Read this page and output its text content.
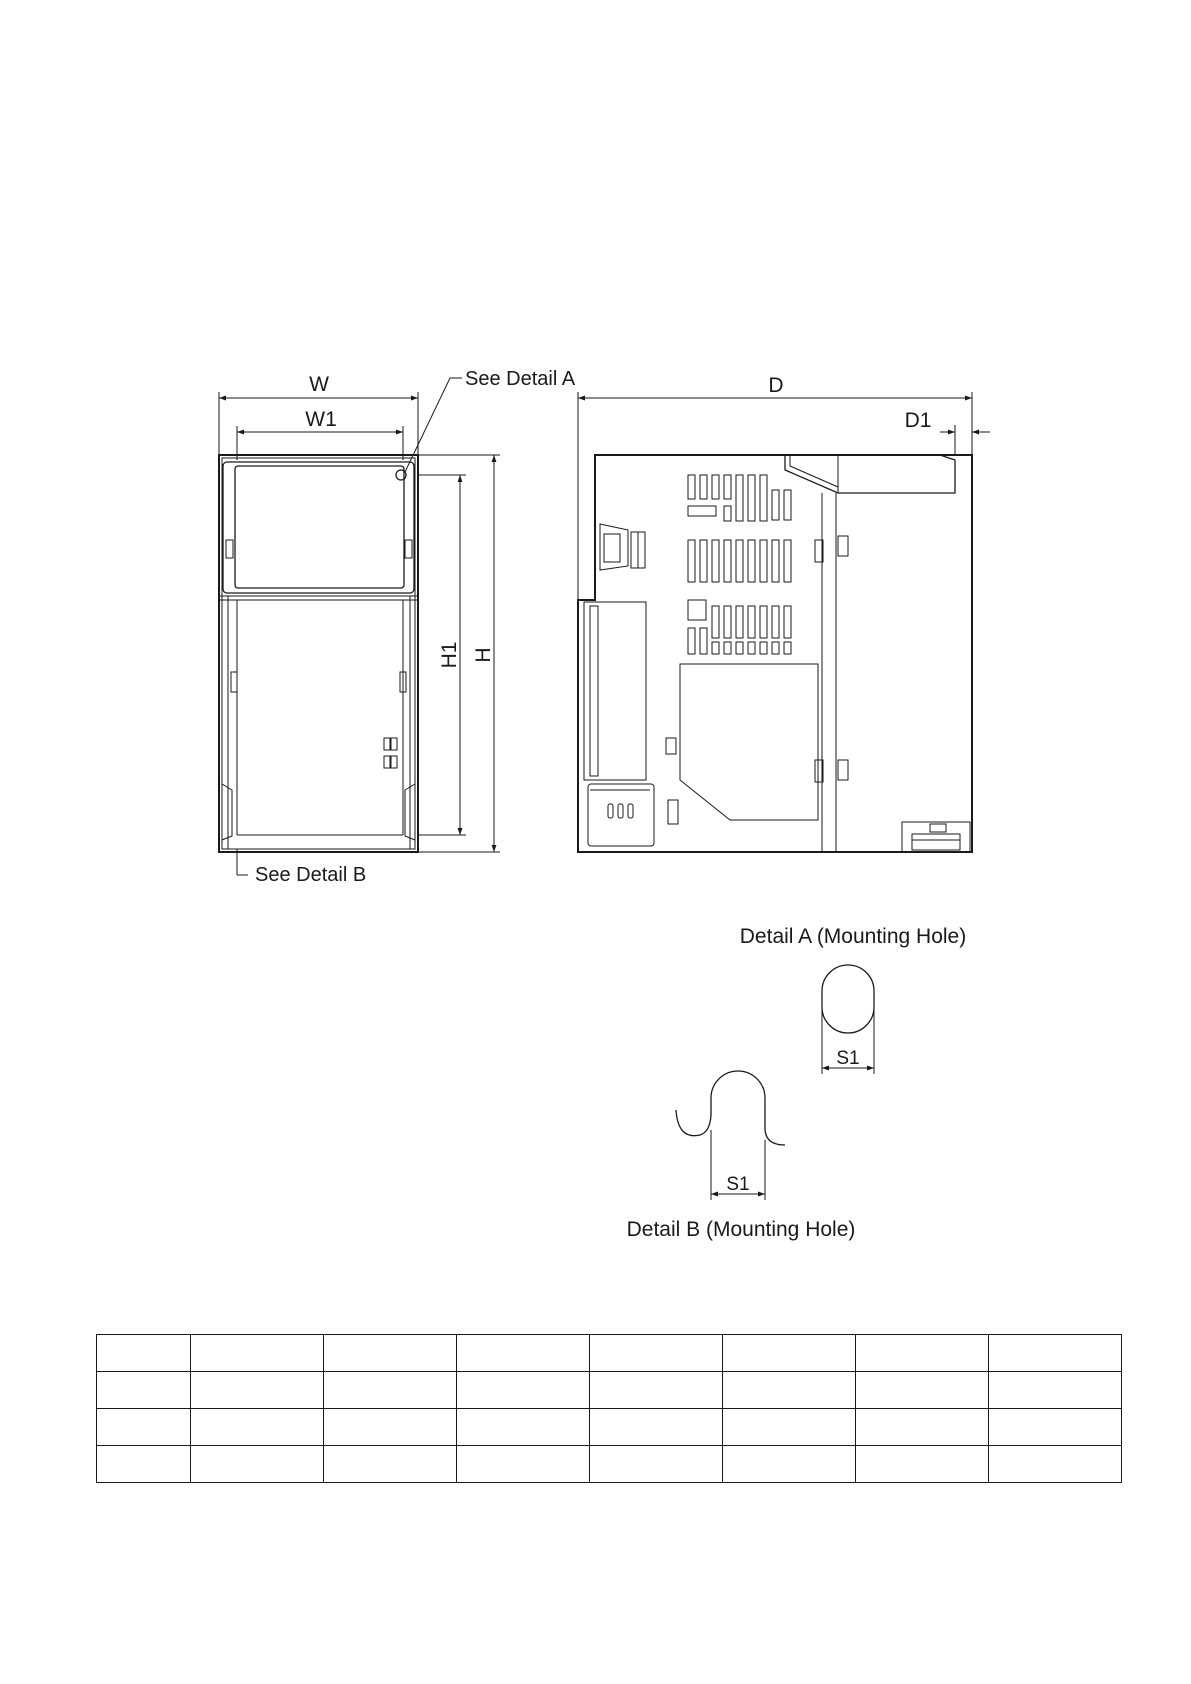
W
W1
See Detail A
H1 H
See Detail B
D
D1
Detail A (Mounting Hole)
S1
S1
Detail B (Mounting Hole)
